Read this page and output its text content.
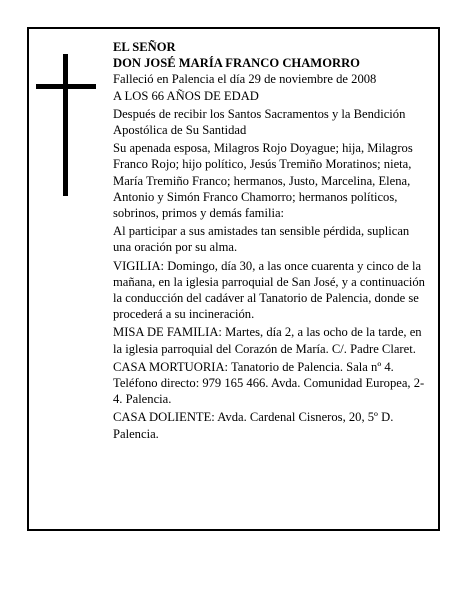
EL SEÑOR

DON JOSÉ MARÍA FRANCO CHAMORRO

Falleció en Palencia el día 29 de noviembre de 2008

A LOS 66 AÑOS DE EDAD

Después de recibir los Santos Sacramentos y la Bendición Apostólica de Su Santidad

Su apenada esposa, Milagros Rojo Doyague; hija, Milagros Franco Rojo; hijo político, Jesús Tremiño Moratinos; nieta, María Tremiño Franco; hermanos, Justo, Marcelina, Elena, Antonio y Simón Franco Chamorro; hermanos políticos, sobrinos, primos y demás familia:

Al participar a sus amistades tan sensible pérdida, suplican una oración por su alma.

VIGILIA: Domingo, día 30, a las once cuarenta y cinco de la mañana, en la iglesia parroquial de San José, y a continuación la conducción del cadáver al Tanatorio de Palencia, donde se procederá a su incineración.

MISA DE FAMILIA: Martes, día 2, a las ocho de la tarde, en la iglesia parroquial del Corazón de María. C/. Padre Claret.

CASA MORTUORIA: Tanatorio de Palencia. Sala nº 4. Teléfono directo: 979 165 466. Avda. Comunidad Europea, 2-4. Palencia.

CASA DOLIENTE: Avda. Cardenal Cisneros, 20, 5º D. Palencia.
